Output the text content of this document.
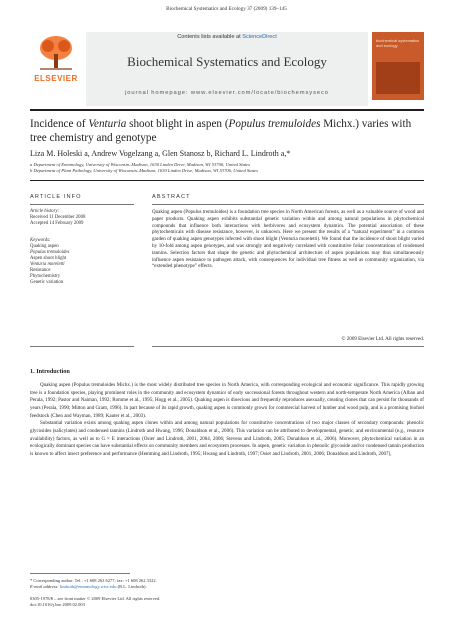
Biochemical Systematics and Ecology 37 (2009) 139–145
ELSEVIER
Contents lists available at ScienceDirect
Biochemical Systematics and Ecology
journal homepage: www.elsevier.com/locate/biochemsyseco
biochemical systematics and ecology
Incidence of Venturia shoot blight in aspen (Populus tremuloides Michx.) varies with tree chemistry and genotype
Liza M. Holeski a, Andrew Vogelzang a, Glen Stanosz b, Richard L. Lindroth a,*
a Department of Entomology, University of Wisconsin–Madison, 1630 Linden Drive, Madison, WI 53706, United States
b Department of Plant Pathology, University of Wisconsin–Madison, 1630 Linden Drive, Madison, WI 53706, United States
ARTICLE INFO
Article history:
Received 11 December 2008
Accepted 14 February 2009
Keywords:
Quaking aspen
Populus tremuloides
Aspen shoot blight
Venturia moreletti
Resistance
Phytochemistry
Genetic variation
ABSTRACT
Quaking aspen (Populus tremuloides) is a foundation tree species in North American forests, as well as a valuable source of wood and paper products. Quaking aspen exhibits substantial genetic variation within and among natural populations in phytochemical compounds that influence both interactions with herbivores and ecosystem dynamics. The potential association of these phytochemicals with disease resistance, however, is unknown. Here we present the results of a “natural experiment” in a common garden of quaking aspen genotypes infected with shoot blight (Venturia moreletti). We found that the incidence of shoot blight varied by 10-fold among aspen genotypes, and was strongly and negatively correlated with constitutive foliar concentrations of condensed tannins. Selection factors that shape the genetic and phytochemical architecture of aspen populations may thus simultaneously influence aspen resistance to pathogen attack, with consequences for individual tree fitness as well as community organization, via “extended phenotype” effects.
© 2009 Elsevier Ltd. All rights reserved.
1. Introduction

Quaking aspen (Populus tremuloides Michx.) is the most widely distributed tree species in North America, with corresponding ecological and economic significance. This rapidly growing tree is a foundation species, playing prominent roles in the community and ecosystem dynamics of early successional forests throughout western and north-temperate North America (Alban and Perala, 1992; Pastor and Naiman, 1992; Romme et al., 1995; Hogg et al., 2005). Quaking aspen is dioecious and frequently reproduces asexually, creating clones that can persist for thousands of years (Perala, 1990; Mitton and Grant, 1996). In part because of its rapid growth, quaking aspen is commonly grown for commercial harvest of lumber and wood pulp, and is a promising biofuel feedstock (Chen and Wayman, 1989; Kauter et al., 2003).

Substantial variation exists among quaking aspen clones within and among natural populations for constitutive concentrations of two major classes of secondary compounds: phenolic glycosides (salicylates) and condensed tannins (Lindroth and Hwang, 1996; Donaldson et al., 2006). This variation can be attributed to developmental, genetic, and environmental (e.g., resource availability) factors, as well as to G × E interactions (Osier and Lindroth, 2001, 2004, 2006; Stevens and Lindroth, 2005; Donaldson et al., 2006). Moreover, phytochemical variation in an ecologically dominant species can have substantial effects on community members and ecosystem processes. In aspen, genetic variation in phenolic glycoside and/or condensed tannin production is known to affect insect preference and performance (Hemming and Lindroth, 1995; Hwang and Lindroth, 1997; Osier and Lindroth, 2001, 2006; Donaldson and Lindroth, 2007),

* Corresponding author. Tel.: +1 608 263 6277; fax: +1 608 262 3322.
E-mail address: lindroth@entomology.wisc.edu (R.L. Lindroth).
0305-1978/$ – see front matter © 2009 Elsevier Ltd. All rights reserved.
doi:10.1016/j.bse.2009.02.003
